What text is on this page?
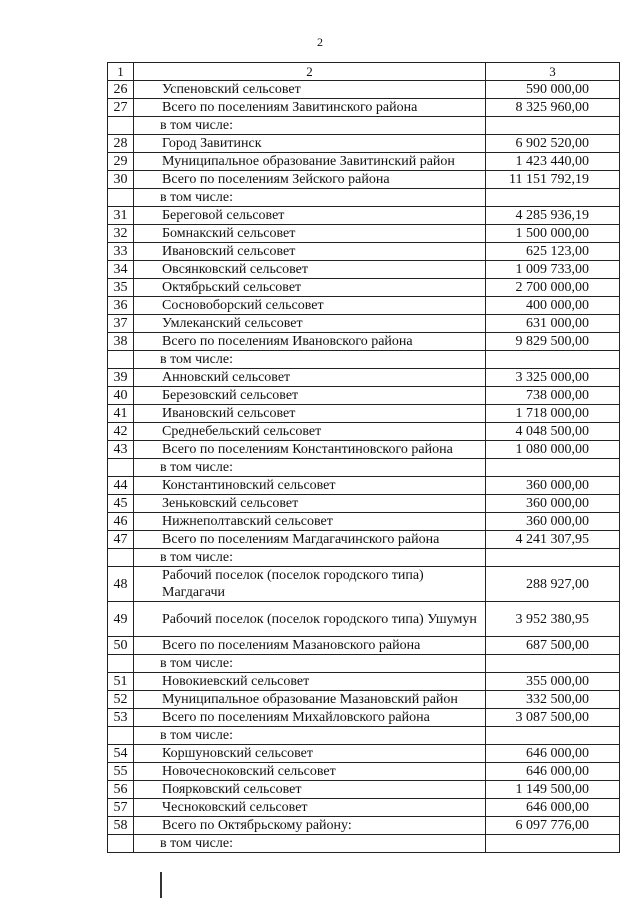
2
1	2	3
26	Успеновский сельсовет	590 000,00
27	Всего по поселениям Завитинского района	8 325 960,00
	в том числе:	
28	Город Завитинск	6 902 520,00
29	Муниципальное образование Завитинский район	1 423 440,00
30	Всего по поселениям Зейского района	11 151 792,19
	в том числе:	
31	Береговой сельсовет	4 285 936,19
32	Бомнакский сельсовет	1 500 000,00
33	Ивановский сельсовет	625 123,00
34	Овсянковский сельсовет	1 009 733,00
35	Октябрьский сельсовет	2 700 000,00
36	Сосновоборский сельсовет	400 000,00
37	Умлеканский сельсовет	631 000,00
38	Всего по поселениям Ивановского района	9 829 500,00
	в том числе:	
39	Анновский сельсовет	3 325 000,00
40	Березовский сельсовет	738 000,00
41	Ивановский сельсовет	1 718 000,00
42	Среднебельский сельсовет	4 048 500,00
43	Всего по поселениям Константиновского района	1 080 000,00
	в том числе:	
44	Константиновский сельсовет	360 000,00
45	Зеньковский сельсовет	360 000,00
46	Нижнеполтавский сельсовет	360 000,00
47	Всего по поселениям Магдагачинского района	4 241 307,95
	в том числе:	
48	Рабочий поселок (поселок городского типа) Магдагачи	288 927,00
49	Рабочий поселок (поселок городского типа) Ушумун	3 952 380,95
50	Всего по поселениям Мазановского района	687 500,00
	в том числе:	
51	Новокиевский сельсовет	355 000,00
52	Муниципальное образование Мазановский район	332 500,00
53	Всего по поселениям Михайловского района	3 087 500,00
	в том числе:	
54	Коршуновский сельсовет	646 000,00
55	Новочесноковский сельсовет	646 000,00
56	Поярковский сельсовет	1 149 500,00
57	Чесноковский сельсовет	646 000,00
58	Всего по Октябрьскому району:	6 097 776,00
	в том числе:	
